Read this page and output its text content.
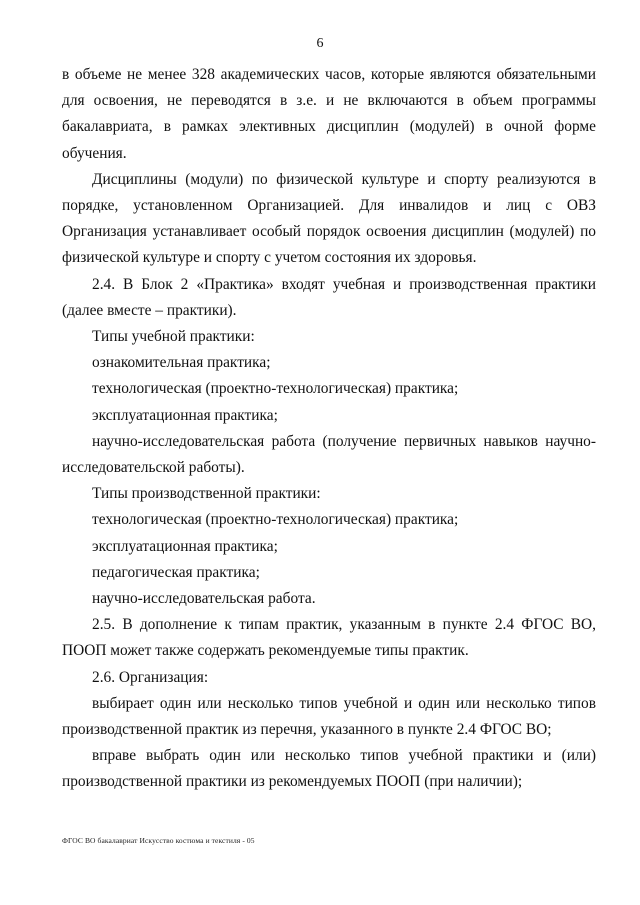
6

в объеме не менее 328 академических часов, которые являются обязательными для освоения, не переводятся в з.е. и не включаются в объем программы бакалавриата, в рамках элективных дисциплин (модулей) в очной форме обучения.

Дисциплины (модули) по физической культуре и спорту реализуются в порядке, установленном Организацией. Для инвалидов и лиц с ОВЗ Организация устанавливает особый порядок освоения дисциплин (модулей) по физической культуре и спорту с учетом состояния их здоровья.

2.4. В Блок 2 «Практика» входят учебная и производственная практики (далее вместе – практики).

Типы учебной практики:

ознакомительная практика;

технологическая (проектно-технологическая) практика;

эксплуатационная практика;

научно-исследовательская работа (получение первичных навыков научно-исследовательской работы).

Типы производственной практики:

технологическая (проектно-технологическая) практика;

эксплуатационная практика;

педагогическая практика;

научно-исследовательская работа.

2.5. В дополнение к типам практик, указанным в пункте 2.4 ФГОС ВО, ПООП может также содержать рекомендуемые типы практик.

2.6. Организация:

выбирает один или несколько типов учебной и один или несколько типов производственной практик из перечня, указанного в пункте 2.4 ФГОС ВО;

вправе выбрать один или несколько типов учебной практики и (или) производственной практики из рекомендуемых ПООП (при наличии);

ФГОС ВО бакалавриат Искусство костюма и текстиля - 05
